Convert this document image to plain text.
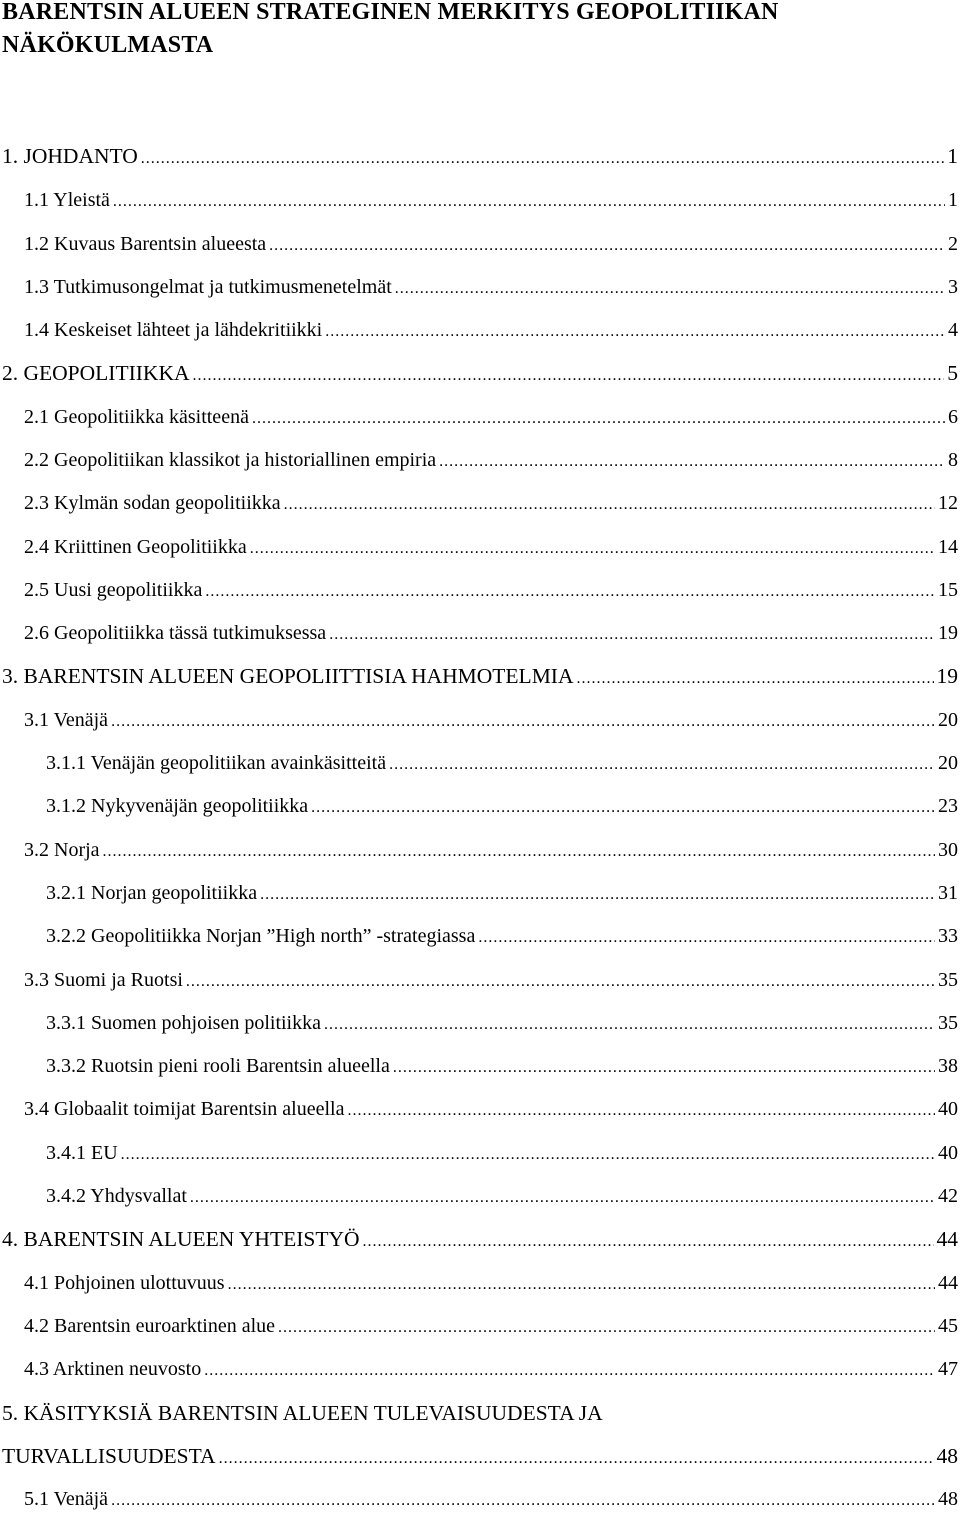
BARENTSIN ALUEEN STRATEGINEN MERKITYS GEOPOLITIIKAN NÄKÖKULMASTA
1. JOHDANTO .....	1
1.1 Yleistä .....	1
1.2 Kuvaus Barentsin alueesta .....	2
1.3 Tutkimusongelmat ja tutkimusmenetelmät .....	3
1.4 Keskeiset lähteet ja lähdekritiikki .....	4
2. GEOPOLITIIKKA .....	5
2.1 Geopolitiikka käsitteenä .....	6
2.2 Geopolitiikan klassikot ja historiallinen empiria .....	8
2.3 Kylmän sodan geopolitiikka .....	12
2.4 Kriittinen Geopolitiikka .....	14
2.5 Uusi geopolitiikka .....	15
2.6 Geopolitiikka tässä tutkimuksessa .....	19
3. BARENTSIN ALUEEN GEOPOLIITTISIA HAHMOTELMIA .....	19
3.1 Venäjä .....	20
3.1.1 Venäjän geopolitiikan avainkäsitteitä .....	20
3.1.2 Nykyvenäjän geopolitiikka .....	23
3.2 Norja .....	30
3.2.1 Norjan geopolitiikka .....	31
3.2.2 Geopolitiikka Norjan ”High north” -strategiassa .....	33
3.3 Suomi ja Ruotsi .....	35
3.3.1 Suomen pohjoisen politiikka .....	35
3.3.2 Ruotsin pieni rooli Barentsin alueella .....	38
3.4 Globaalit toimijat Barentsin alueella .....	40
3.4.1 EU .....	40
3.4.2 Yhdysvallat .....	42
4. BARENTSIN ALUEEN YHTEISTYÖ .....	44
4.1 Pohjoinen ulottuvuus .....	44
4.2 Barentsin euroarktinen alue .....	45
4.3 Arktinen neuvosto .....	47
5. KÄSITYKSIÄ BARENTSIN ALUEEN TULEVAISUUDESTA JA
TURVALLISUUDESTA .....	48
5.1 Venäjä .....	48
